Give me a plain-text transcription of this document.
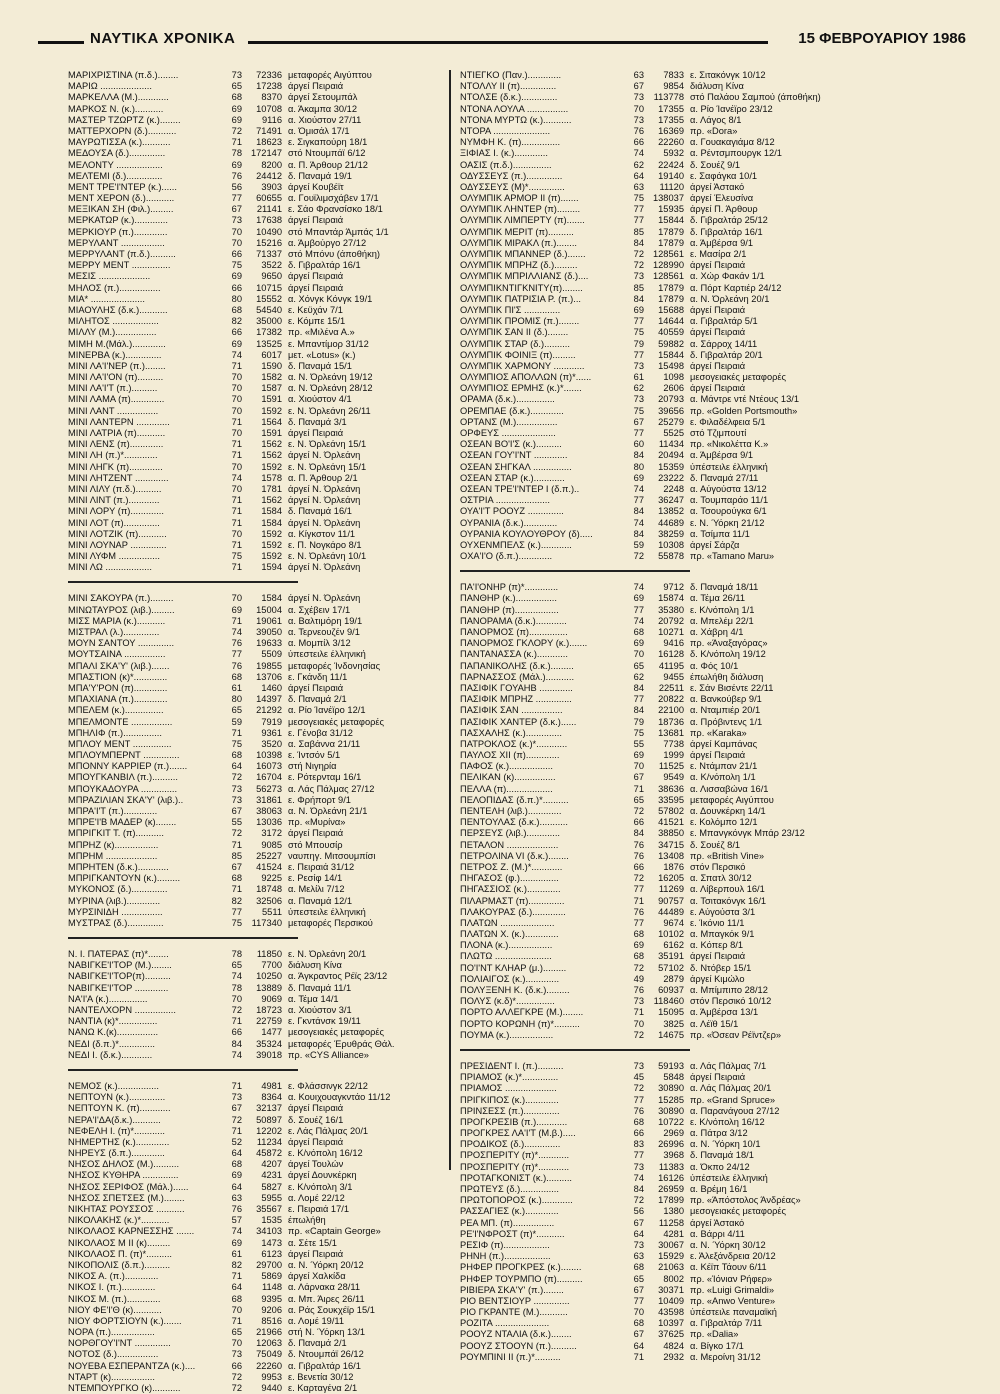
ΝΑΥΤΙΚΑ ΧΡΟΝΙΚΑ	15 ΦΕΒΡΟΥΑΡΙΟΥ 1986
ΜΑΡΙΧΡΙΣΤΙΝΑ (π.δ.)........	73	72336 μεταφορές Αιγύπτου
ΜΑΡΙΩ ....................	65	17238 άργεί Πειραιά
ΜΑΡΚΕΛΛΑ (Μ.)............	68	8370 άργεί Σετουμπάλ
ΜΑΡΚΟΣ Ν. (κ.)...........	69	10708 α. Άκαμπα 30/12
ΜΑΣΤΕΡ ΤΖΩΡΤΖ (κ.)........	69	9116 α. Χιούστον 27/11
ΜΑΤΤΕΡΧΟΡΝ (δ.)...........	72	71491 α. Όμισάλ 17/1
ΜΑΥΡΩΤΙΣΣΑ (κ.)...........	71	18623 ε. Σιγκαπούρη 18/1
ΜΕΔΟΥΣΑ (δ.)..............	78 172147 στό Ντουμπάϊ 6/12
ΜΕΛΟΝΤΥ ..................	69	8200 α. Π. Άρθουρ 21/12
ΜΕΛΤΕΜΙ (δ.)..............	76	24412 δ. Παναμά 19/1
ΜΕΝΤ ΤΡΕ'Ι'ΝΤΕΡ (κ.)......	56	3903 άργεί Κουβέϊτ
ΜΕΝΤ ΧΕΡΟΝ (δ.)...........	77	60655 α. Γουϊλιμσχάβεν 17/1
ΜΕΞΙΚΑΝ ΣΗ (Φιλ.).........	67	21141 ε. Σάο Φρανσίσκο 18/1
ΜΕΡΚΑΤΩΡ (κ.).............	73	17638 άργεί Πειραιά
ΜΕΡΚΙΟΥΡ (π.).............	70	10490 στό Μπαντάρ Άμπάς 1/1
ΜΕΡΥΛΑΝΤ .................	70	15216 α. Άμβούργο 27/12
ΜΕΡΡΥΛΑΝΤ (π.δ.)..........	66	71337 στό Μπόνυ (άποθήκη)
ΜΕΡΡΥ ΜΕΝΤ ...............	75	3522 δ. Γιβραλτάρ 16/1
ΜΕΣΙΣ ....................	69	9650 άργεί Πειραιά
ΜΗΛΟΣ (π.)................	66	10715 άργεί Πειραιά
ΜΙΑ* .....................	80	15552 α. Χόνγκ Κόνγκ 19/1
ΜΙΑΟΥΛΗΣ (δ.κ.)...........	68	54540 ε. Κεϋχάν 7/1
ΜΙΛΗΤΟΣ ..................	82	35000 ε. Κόμπε 15/1
ΜΙΛΛΥ (Μ.)................	66	17382 πρ. «Μιλένα Α.»
ΜΙΜΗ Μ.(Μάλ.).............	69	13525 ε. Μπαντίμορ 31/12
ΜΙΝΕΡΒΑ (κ.)..............	74	6017 μετ. «Lotus» (κ.)
ΜΙΝΙ ΛΑ'Ι'ΝΕΡ (π.)........	71	1590 δ. Παναμά 15/1
ΜΙΝΙ ΛΑ'Ι'ΟΝ (π)..........	70	1582 α. Ν. Όρλεάνη 19/12
ΜΙΝΙ ΛΑ'Ι'Τ (π.)..........	70	1587 α. Ν. Όρλεάνη 28/12
ΜΙΝΙ ΛΑΜΑ (π).............	70	1591 α. Χιούστον 4/1
ΜΙΝΙ ΛΑΝΤ ................	70	1592 ε. Ν. Όρλεάνη 26/11
ΜΙΝΙ ΛΑΝΤΕΡΝ .............	71	1564 δ. Παναμά 3/1
ΜΙΝΙ ΛΑΤΡΙΑ (π)...........	70	1591 άργεί Πειραιά
ΜΙΝΙ ΛΕΝΣ (π).............	71	1562 ε. Ν. Όρλεάνη 15/1
ΜΙΝΙ ΛΗ (π.)*.............	71	1562 άργεί Ν. Όρλεάνη
ΜΙΝΙ ΛΗΓΚ (π).............	70	1592 ε. Ν. Όρλεάνη 15/1
ΜΙΝΙ ΛΗΤΖΕΝΤ .............	74	1578 α. Π. Άρθουρ 2/1
ΜΙΝΙ ΛΙΛΥ (π.δ.)..........	70	1781 άργεί Ν. Όρλεάνη
ΜΙΝΙ ΛΙΝΤ (π.)............	71	1562 άργεί Ν. Όρλεάνη
ΜΙΝΙ ΛΟΡΥ (π).............	71	1584 δ. Παναμά 16/1
ΜΙΝΙ ΛΟΤ (π)..............	71	1584 άργεί Ν. Όρλεάνη
ΜΙΝΙ ΛΟΤΖΙΚ (π)...........	70	1592 α. Κίγκστον 11/1
ΜΙΝΙ ΛΟΥΝΑΡ ..............	71	1592 ε. Π. Νογκάρο 8/1
ΜΙΝΙ ΛΥΦΜ ................	75	1592 ε. Ν. Όρλεάνη 10/1
ΜΙΝΙ ΛΩ ..................	71	1594 άργεί Ν. Όρλεάνη
ΜΙΝΙ ΣΑΚΟΥΡΑ (π.).........	70	1584 άργεί Ν. Όρλεάνη
ΜΙΝΩΤΑΥΡΟΣ (λιβ.).........	69	15004 α. Σχέβειν 17/1
ΜΙΣΣ ΜΑΡΙΑ (κ.)...........	71	19061 α. Βαλτιμόρη 19/1
ΜΙΣΤΡΑΛ (λ.)..............	74	39050 α. Τερνεουζέν 9/1
ΜΟΥΝ ΣΑΝΤΟΥ ..............	76	19633 α. Μομπίλ 3/12
ΜΟΥΤΣΑΙΝΑ ................	77	5509 ύπεστειλε έλληνική
ΜΠΑΛΙ ΣΚΑ'Υ' (λιβ.).......	76	19855 μεταφορές Ίνδονησίας
ΜΠΑΣΤΙΟΝ (κ)*.............	68	13706 ε. Γκάνδη 11/1
ΜΠΑ'Υ'ΡΟΝ (π).............	61	1460 άργεί Πειραιά
ΜΠΑΧΙΑΝΑ (π.).............	80	14397 δ. Παναμά 2/1
ΜΠΕΛΕΜ (κ.)...............	65	21292 α. Ρίο Ίανέϊρο 12/1
ΜΠΕΛΜΟΝΤΕ ................	59	7919 μεσογειακές μεταφορές
ΜΠΗΛΙΦ (π.)...............	71	9361 ε. Γένοβα 31/12
ΜΠΛΟΥ ΜΕΝΤ ...............	75	3520 α. Σαβάννα 21/11
ΜΠΛΟΥΜΠΕΡΝΤ ..............	68	10398 ε. Ίντσόν 5/1
ΜΠΟΝΝΥ ΚΑΡΡΙΕΡ (π.).......	64	16073 στή Νιγηρία
ΜΠΟΥΓΚΑΝΒΙΛ (π.)..........	72	16704 ε. Ρότερνταμ 16/1
ΜΠΟΥΚΑΔΟΥΡΑ ..............	73	56273 α. Λάς Πάλμας 27/12
ΜΠΡΑΖΙΛΙΑΝ ΣΚΑ'Υ' (λιβ.)..	73	31861 ε. Φρήπορτ 9/1
ΜΠΡΑ'Ι'Τ (π.).............	67	38063 α. Ν. Όρλεάνη 21/1
ΜΠΡΕ'Ι'Β ΜΑΔΕΡ (κ)........	55	13036 πρ. «Μυρίνα»
ΜΠΡΙΓΚΙΤ Τ. (π)...........	72	3172 άργεί Πειραιά
ΜΠΡΗΖ (κ).................	71	9085 στό Μπουσίρ
ΜΠΡΗΜ ....................	85	25227 ναυπηγ. Μιτσουμπίσι
ΜΠΡΗΤΕΝ (δ.κ.)............	67	41524 ε. Πειραιά 31/12
ΜΠΡΙΓΚΑΝΤΟΥΝ (κ.).........	68	9225 ε. Ρεσίφ 14/1
ΜΥΚΟΝΟΣ (δ.)..............	71	18748 α. Μελίλι 7/12
ΜΥΡΙΝΑ (λιβ.).............	82	32506 α. Παναμά 12/1
ΜΥΡΣΙΝΙΔΗ ................	77	5511 ύπεστειλε έλληνική
ΜΥΣΤΡΑΣ (δ.)..............	75	117340 μεταφορές Περσικού
Ν. Ι. ΠΑΤΕΡΑΣ (π)*........	78	11850 ε. Ν. Όρλεάνη 20/1
ΝΑΒΙΓΚΕ'Ι'ΤΟΡ (Μ.)........	65	7700 διάλυση Κίνα
ΝΑΒΙΓΚΕ'Ι'ΤΟΡ(π)..........	74	10250 α. Άγκραντος Ρέϊς 23/12
ΝΑΒΙΓΚΕ'Ι'ΤΟΡ .............	78	13889 δ. Παναμά 11/1
ΝΑ'Ι'Α (κ.)...............	70	9069 α. Τέμα 14/1
ΝΑΝΤΕΛΧΟΡΝ ................	72	18723 α. Χιούστον 3/1
ΝΑΝΤΙΑ (κ)*...............	71	22759 ε. Γκντάνσκ 19/11
ΝΑΝΩ Κ.(κ)................	66	1477 μεσογειακές μεταφορές
ΝΕΔΙ (δ.π.)*..............	84	35324 μεταφορές Έρυθράς Θάλ.
ΝΕΔΙ Ι. (δ.κ.)............	74	39018 πρ. «CYS Alliance»
ΝΕΜΟΣ (κ.)................	71	4981 ε. Φλάσσινγκ 22/12
ΝΕΠΤΟΥΝ (κ.)..............	73	8364 α. Κουιχουαγκντάο 11/12
ΝΕΠΤΟΥΝ Κ. (π)............	67	32137 άργεί Πειραιά
ΝΕΡΑ'Ι'ΔΑ(δ.κ.)...........	72	50897 δ. Σουέζ 16/1
ΝΕΦΕΛΗ Ι. (π)*............	71	12202 ε. Λάς Πάλμας 20/1
ΝΗΜΕΡΤΗΣ (κ.).............	52	11234 άργεί Πειραιά
ΝΗΡΕΥΣ (δ.π.).............	64	45872 ε. Κ/νόπολη 16/12
ΝΗΣΟΣ ΔΗΛΟΣ (Μ.)..........	68	4207 άργεί Τουλών
ΝΗΣΟΣ ΚΥΘΗΡΑ ..............	69	4231 άργεί Δουνκέρκη
ΝΗΣΟΣ ΣΕΡΙΦΟΣ (Μάλ.)......	64	5827 ε. Κ/νόπολη 3/1
ΝΗΣΟΣ ΣΠΕΤΣΕΣ (Μ.)........	63	5955 α. Λομέ 22/12
ΝΙΚΗΤΑΣ ΡΟΥΣΣΟΣ ...........	76	35567 ε. Πειραιά 17/1
ΝΙΚΟΛΑΚΗΣ (κ.)*...........	57	1535 έπωλήθη
ΝΙΚΟΛΑΟΣ ΚΑΡΝΕΣΣΗΣ .......	74	34103 πρ. «Captain George»
ΝΙΚΟΛΑΟΣ Μ ΙΙ (κ).........	69	1473 α. Σέτε 15/1
ΝΙΚΟΛΑΟΣ Π. (π)*..........	61	6123 άργεί Πειραιά
ΝΙΚΟΠΟΛΙΣ (δ.π.)..........	82	29700 α. Ν. Ύόρκη 20/12
ΝΙΚΟΣ Α. (π.).............	71	5869 άργεί Χαλκίδα
ΝΙΚΟΣ Ι. (π.).............	64	1148 α. Λάρνακα 28/11
ΝΙΚΟΣ Μ. (π.).............	68	9395 α. Μπ. Άιρες 26/11
ΝΙΟΥ ΦΕ'Ι'Θ (κ)...........	70	9206 α. Ράς Σουκχέϊρ 15/1
ΝΙΟΥ ΦΟΡΤΣΙΟΥΝ (κ.).......	71	8516 α. Λομέ 19/11
ΝΟΡΑ (π.).................	65	21966 στή Ν. Ύόρκη 13/1
ΝΟΡΘΓΟΥ'Ι'ΝΤ ..............	70	12063 δ. Παναμά 2/1
ΝΟΤΟΣ (δ.)................	73	75049 δ. Ντουμπάϊ 26/12
ΝΟΥΕΒΑ ΕΣΠΕΡΑΝΤΖΑ (κ.)....	66	22260 α. Γιβραλτάρ 16/1
ΝΤΑΡΤ (κ).................	72	9953 ε. Βενετία 30/12
ΝΤΕΜΠΟΥΡΓΚΟ (κ)...........	72	9440 ε. Καρταγένα 2/1
ΝΤΙΕΓΚΟ (Παν.).............	63	7833 ε. Σιτακόνγκ 10/12
ΝΤΟΛΛΥ ΙΙ (π)..............	67	9854 διάλυση Κίνα
ΝΤΟΛΣΕ (δ.κ.)..............	73	113778 στό Παλάου Σαμπού (άποθήκη)
ΝΤΟΝΑ ΛΟΥΛΑ ................	70	17355 α. Ρίο Ίανέϊρο 23/12
ΝΤΟΝΑ ΜΥΡΤΩ (κ.)...........	73	17355 α. Λάγος 8/1
ΝΤΟΡΑ ......................	76	16369 πρ. «Dora»
ΝΥΜΦΗ Κ. (π)...............	66	22260 α. Γουακαγιάμα 8/12
ΞΙΦΙΑΣ Ι. (κ.).............	74	5932 α. Ρέντσμπουργκ 12/1
ΟΑΣΙΣ (π.δ.)...............	62	22424 δ. Σουέζ 9/1
ΟΔΥΣΣΕΥΣ (π.)..............	64	19140 ε. Σαφάγκα 10/1
ΟΔΥΣΣΕΥΣ (Μ)*..............	63	11120 άργεί Άστακό
ΟΛΥΜΠΙΚ ΑΡΜΟΡ ΙΙ (π).......	75 138037 άργεί Έλευσίνα
ΟΛΥΜΠΙΚ ΛΗΝΤΕΡ (π).........	77	15935 άργεί Π. Άρθουρ
ΟΛΥΜΠΙΚ ΛΙΜΠΕΡΤΥ (π).......	77	15844 δ. Γιβραλτάρ 25/12
ΟΛΥΜΠΙΚ ΜΕΡΙΤ (π)..........	85	17879 δ. Γιβραλτάρ 16/1
ΟΛΥΜΠΙΚ ΜΙΡΑΚΛ (π.)........	84	17879 α. Άμβέρσα 9/1
ΟΛΥΜΠΙΚ ΜΠΑΝΝΕΡ (δ.).......	72 128561 ε. Μασίρα 2/1
ΟΛΥΜΠΙΚ ΜΠΡΗΖ (δ.).........	72 128990 άργεί Πειραιά
ΟΛΥΜΠΙΚ ΜΠΡΙΛΛΙΑΝΣ (δ.)....	73 128561 α. Χώρ Φακάν 1/1
ΟΛΥΜΠΙΚΝΤΙΓΚΝΙΤΥ(π)........	85	17879 α. Πόρτ Καρτιέρ 24/12
ΟΛΥΜΠΙΚ ΠΑΤΡΙΣΙΑ Ρ. (π.)...	84	17879 α. Ν. Όρλεάνη 20/1
ΟΛΥΜΠΙΚ ΠΙ'Σ ..............	69	15688 άργεί Πειραιά
ΟΛΥΜΠΙΚ ΠΡΟΜΙΣ (π.)........	77	14644 α. Γιβραλτάρ 5/1
ΟΛΥΜΠΙΚ ΣΑΝ ΙΙ (δ.)........	75	40559 άργεί Πειραιά
ΟΛΥΜΠΙΚ ΣΤΑΡ (δ.)..........	79	59882 α. Σάρροχ 14/11
ΟΛΥΜΠΙΚ ΦΟΙΝΙΞ (π).........	77	15844 δ. Γιβραλτάρ 20/1
ΟΛΥΜΠΙΚ ΧΑΡΜΟΝΥ ............	73	15498 άργεί Πειραιά
ΟΛΥΜΠΙΟΣ ΑΠΟΛΛΩΝ (π)*......	61	1098 μεσογειακές μεταφορές
ΟΛΥΜΠΙΟΣ ΕΡΜΗΣ (κ.)*.......	62	2606 άργεί Πειραιά
ΟΡΑΜΑ (δ.κ.)...............	73	20793 α. Μάντρε ντέ Ντέους 13/1
ΟΡΕΜΠΑΕ (δ.κ.).............	75	39656 πρ. «Golden Portsmouth»
ΟΡΤΑΝΣ (Μ.)................	67	25279 ε. Φιλαδέλφεια 5/1
ΟΡΦΕΥΣ .....................	77	5525 στό Τζιμπουτί
ΟΣΕΑΝ ΒΟ'Ι'Σ (κ.)..........	60	11434 πρ. «Νικολέττα Κ.»
ΟΣΕΑΝ ΓΟΥ'Ι'ΝΤ .............	84	20494 α. Άμβέρσα 9/1
ΟΣΕΑΝ ΣΗΓΚΑΛ ...............	80	15359 ύπέστειλε έλληνική
ΟΣΕΑΝ ΣΤΑΡ (κ.)............	69	23222 δ. Παναμά 27/11
ΟΣΕΑΝ ΤΡΕ'Ι'ΝΤΕΡ Ι (δ.π.)..	74	2248 α. Αύγούστα 13/12
ΟΣΤΡΙΑ .....................	77	36247 α. Τουμπαράο 11/1
ΟΥΑ'Ι'Τ ΡΟΟΥΖ ..............	84	13852 α. Τσουρούγκα 6/1
ΟΥΡΑΝΙΑ (δ.κ.).............	74	44689 ε. Ν. Ύόρκη 21/12
ΟΥΡΑΝΙΑ ΚΟΥΛΟΥΘΡΟΥ (δ).....	84	38259 α. Τσίμπα 11/1
ΟΥΧΕΝΜΠΕΛΣ (κ.)............	59	10308 άργεί Σάρζα
ΟΧΑ'Ι'Ο (δ.π.).............	72	55878 πρ. «Tamano Maru»
ΠΑ'Ι'ΟΝΗΡ (π)*.............	74	9712 δ. Παναμά 18/11
ΠΑΝΘΗΡ (κ.)................	69	15874 α. Τέμα 26/11
ΠΑΝΘΗΡ (π).................	77	35380 ε. Κ/νόπολη 1/1
ΠΑΝΟΡΑΜΑ (δ.κ.)............	74	20792 α. Μπελέμ 22/1
ΠΑΝΟΡΜΟΣ (π)...............	68	10271 α. Χάβρη 4/1
ΠΑΝΟΡΜΟΣ ΓΚΛΟΡΥ (κ.).......	69	9416 πρ. «Άναξαγόρας»
ΠΑΝΤΑΝΑΣΣΑ (κ.)............	70	16128 δ. Κ/νόπολη 19/12
ΠΑΠΑΝΙΚΟΛΗΣ (δ.κ.).........	65	41195 α. Φός 10/1
ΠΑΡΝΑΣΣΟΣ (Μάλ.)...........	62	9455 έπωλήθη διάλυση
ΠΑΣΙΦΙΚ ΓΟΥΑΗΒ .............	84	22511 ε. Σάν Βισέντε 22/11
ΠΑΣΙΦΙΚ ΜΠΡΗΖ ..............	77	20822 α. Βανκούβερ 9/1
ΠΑΣΙΦΙΚ ΣΑΝ ................	84	22100 α. Νταμπιέρ 20/1
ΠΑΣΙΦΙΚ ΧΑΝΤΕΡ (δ.κ.)......	79	18736 α. Πρόβιντενς 1/1
ΠΑΣΧΑΛΗΣ (κ.)..............	75	13681 πρ. «Karaka»
ΠΑΤΡΟΚΛΟΣ (κ.)*............	55	7738 άργεί Καμπάνας
ΠΑΥΛΟΣ XII (π).............	69	1999 άργεί Πειραιά
ΠΑΦΟΣ (κ.).................	70	11525 ε. Ντάμπαν 21/1
ΠΕΛΙΚΑΝ (κ)................	67	9549 α. Κ/νόπολη 1/1
ΠΕΛΛΑ (π)..................	71	38636 α. Λισσαβώνα 16/1
ΠΕΛΟΠΙΔΑΣ (δ.π.)*..........	65	33595 μεταφορές Αιγύπτου
ΠΕΝΤΕΛΗ (λιβ.).............	72	57802 α. Δουνκέρκη 14/1
ΠΕΝΤΟΥΛΑΣ (δ.κ.)...........	66	41521 ε. Κολόμπο 12/1
ΠΕΡΣΕΥΣ (λιβ.).............	84	38850 ε. Μπανγκόνγκ Μπάρ 23/12
ΠΕΤΑΛΟΝ ....................	76	34715 δ. Σουέζ 8/1
ΠΕΤΡΟΛΙΝΑ VI (δ.κ.)........	76	13408 πρ. «British Vine»
ΠΕΤΡΟΣ Ζ. (Μ.)*............	66	1876 στόν Περσικό
ΠΗΓΑΣΟΣ (φ.)...............	72	16205 α. Σπατλ 30/12
ΠΗΓΑΣΣΙΟΣ (κ.).............	77	11269 α. Λίβερπουλ 16/1
ΠΙΛΑΡΜΑΣΤ (π)..............	71	90757 α. Τσιτακόνγκ 16/1
ΠΛΑΚΟΥΡΑΣ (δ.).............	76	44489 ε. Αύγούστα 3/1
ΠΛΑΤΩΝ .....................	77	9674 ε. Ίκόνιο 11/1
ΠΛΑΤΩΝ Χ. (κ.).............	68	10102 α. Μπαγκόκ 9/1
ΠΛΟΝΑ (κ.).................	69	6162 α. Κόπερ 8/1
ΠΛΩΤΩ ......................	68	35191 άργεί Πειραιά
ΠΟ'Ι'ΝΤ ΚΛΗΑΡ (μ.).........	72	57102 δ. Ντόβερ 15/1
ΠΟΛΙΑΙΓΟΣ (κ.).............	49	2879 άργεί Κιμώλο
ΠΟΛΥΞΕΝΗ Κ. (δ.κ.).........	76	60937 α. Μπίμπιπο 28/12
ΠΟΛΥΣ (κ.δ)*...............	73	118460 στόν Περσικό 10/12
ΠΟΡΤΟ ΑΛΛΕΓΚΡΕ (Μ.)........	71	15095 α. Άμβέρσα 13/1
ΠΟΡΤΟ ΚΟΡΩΝΗ (π)*..........	70	3825 α. Λέϊθ 15/1
ΠΟΥΜΑ (κ.).................	72	14675 πρ. «Όσεαν Ρέϊντζερ»
ΠΡΕΣΙΔΕΝΤ Ι. (π.)..........	73	59193 α. Λάς Πάλμας 7/1
ΠΡΙΑΜΟΣ (κ.)*..............	45	5848 άργεί Πειραιά
ΠΡΙΑΜΟΣ ....................	72	30890 α. Λάς Πάλμας 20/1
ΠΡΙΓΚΙΠΟΣ (κ.).............	77	15285 πρ. «Grand Spruce»
ΠΡΙΝΣΕΣΣ (π.)..............	76	30890 α. Παρανάγουα 27/12
ΠΡΟΓΚΡΕΣΙΒ (π.)............	68	10722 ε. Κ/νόπολη 16/12
ΠΡΟΓΚΡΕΣ ΛΑ'Ι'Τ (Μ.β.).....	66	2969 α. Πάτρα 3/12
ΠΡΟΔΙΚΟΣ (δ.)..............	83	26996 α. Ν. Ύόρκη 10/1
ΠΡΟΣΠΕΡΙΤΥ (π)*............	77	3968 δ. Παναμά 18/1
ΠΡΟΣΠΕΡΙΤΥ (π)*............	73	11383 α. Όκπο 24/12
ΠΡΟΤΑΓΚΟΝΙΣΤ (κ.)..........	74	16126 ύπέστειλε έλληνική
ΠΡΩΤΕΥΣ (δ.)...............	84	26959 α. Βρέμη 16/1
ΠΡΩΤΟΠΟΡΟΣ (κ.)............	72	17899 πρ. «Άπόστολος Άνδρέας»
ΡΑΣΣΑΓΙΕΣ (κ.).............	56	1380 μεσογειακές μεταφορές
ΡΕΑ ΜΠ. (π)................	67	11258 άργεί Άστακό
ΡΕ'Ι'ΝΦΡΟΣΤ (π)*...........	64	4281 α. Βάρρι 4/11
ΡΕΣΙΦ (π)..................	73	30067 α. Ν. Ύόρκη 30/12
ΡΗΝΗ (π.)..................	63	15929 ε. Άλεξάνδρεια 20/12
ΡΗΦΕΡ ΠΡΟΓΚΡΕΣ (κ.)........	68	21063 α. Κέϊπ Τάουν 6/11
ΡΗΦΕΡ ΤΟΥΡΜΠΟ (π)..........	65	8002 πρ. «Ίόνιαν Ρήφερ»
ΡΙΒΙΕΡΑ ΣΚΑ'Υ' (π.)........	67	30371 πρ. «Luigi Grimaldi»
ΡΙΟ ΒΕΝΤΣΙΟΥΡ ..............	77	10409 πρ. «Anwo Venture»
ΡΙΟ ΓΚΡΑΝΤΕ (Μ.)...........	70	43598 ύπέστειλε παναμαϊκή
ΡΟΖΙΤΑ .....................	68	10397 α. Γιβραλτάρ 7/11
ΡΟΟΥΖ ΝΤΑΛΙΑ (δ.κ.)........	67	37625 πρ. «Dalia»
ΡΟΟΥΖ ΣΤΟΟΥΝ (π.)..........	64	4824 α. Βίγκο 17/1
ΡΟΥΜΠΙΝΙ ΙΙ (π.)*..........	71	2932 α. Μεροίνη 31/12
